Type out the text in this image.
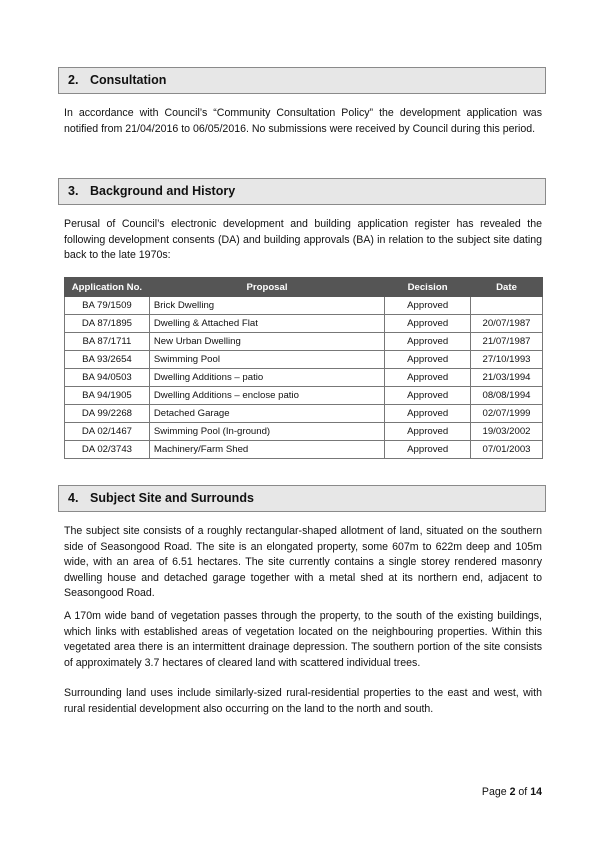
2. Consultation

In accordance with Council’s “Community Consultation Policy” the development application was notified from 21/04/2016 to 06/05/2016. No submissions were received by Council during this period.

3. Background and History

Perusal of Council’s electronic development and building application register has revealed the following development consents (DA) and building approvals (BA) in relation to the subject site dating back to the late 1970s:

Application No.	Proposal	Decision	Date
BA 79/1509	Brick Dwelling	Approved	
DA 87/1895	Dwelling & Attached Flat	Approved	20/07/1987
BA 87/1711	New Urban Dwelling	Approved	21/07/1987
BA 93/2654	Swimming Pool	Approved	27/10/1993
BA 94/0503	Dwelling Additions – patio	Approved	21/03/1994
BA 94/1905	Dwelling Additions – enclose patio	Approved	08/08/1994
DA 99/2268	Detached Garage	Approved	02/07/1999
DA 02/1467	Swimming Pool (In-ground)	Approved	19/03/2002
DA 02/3743	Machinery/Farm Shed	Approved	07/01/2003
4. Subject Site and Surrounds

The subject site consists of a roughly rectangular-shaped allotment of land, situated on the southern side of Seasongood Road. The site is an elongated property, some 607m to 622m deep and 105m wide, with an area of 6.51 hectares. The site currently contains a single storey rendered masonry dwelling house and detached garage together with a metal shed at its northern end, adjacent to Seasongood Road.

A 170m wide band of vegetation passes through the property, to the south of the existing buildings, which links with established areas of vegetation located on the neighbouring properties. Within this vegetated area there is an intermittent drainage depression. The southern portion of the site consists of approximately 3.7 hectares of cleared land with scattered individual trees.

Surrounding land uses include similarly-sized rural-residential properties to the east and west, with rural residential development also occurring on the land to the north and south.

Page 2 of 14
